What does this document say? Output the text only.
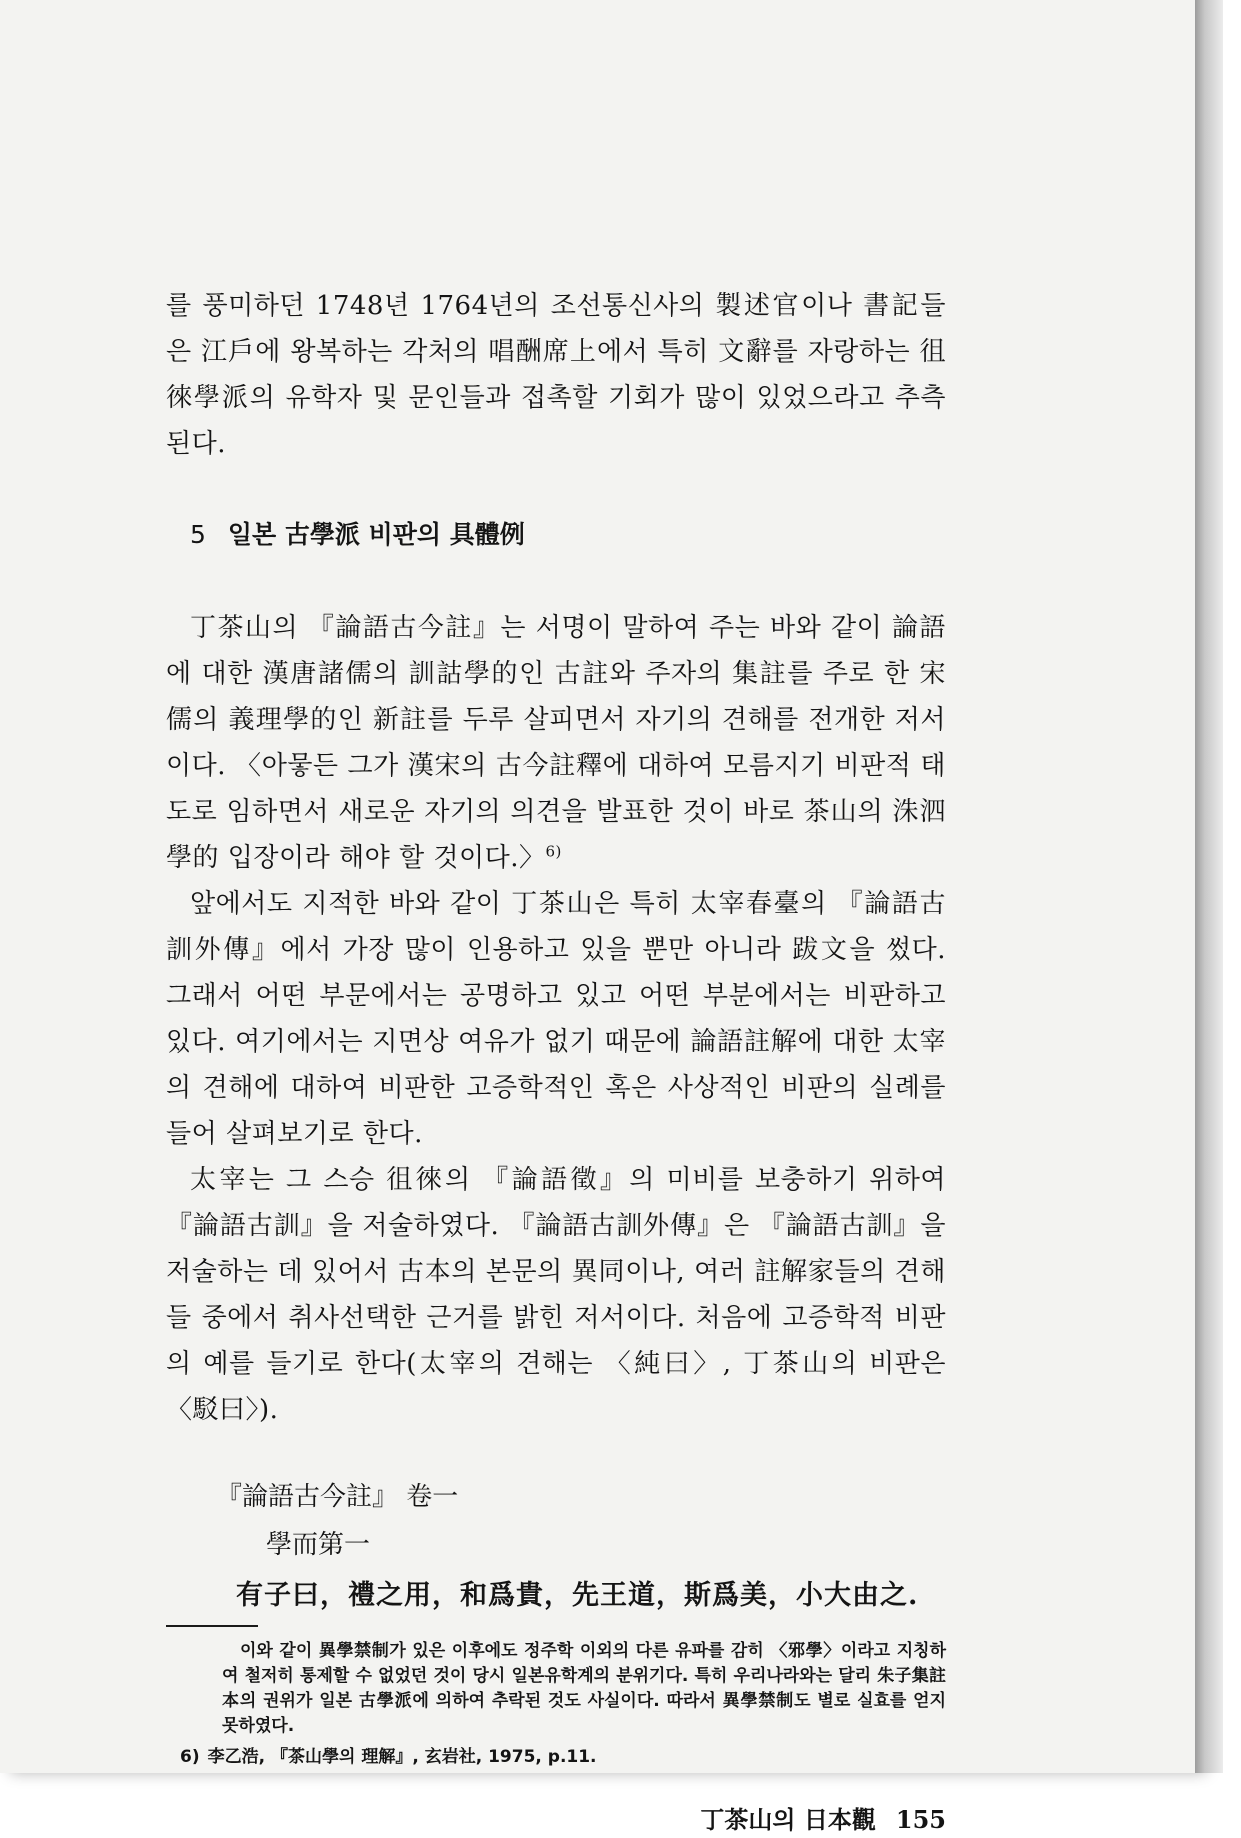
를 풍미하던 1748년 1764년의 조선통신사의 製述官이나 書記들은 江戶에 왕복하는 각처의 唱酬席上에서 특히 文辭를 자랑하는 徂徠學派의 유학자 및 문인들과 접촉할 기회가 많이 있었으라고 추측된다.

5 일본 古學派 비판의 具體例

丁茶山의 『論語古今註』는 서명이 말하여 주는 바와 같이 論語에 대한 漢唐諸儒의 訓詁學的인 古註와 주자의 集註를 주로 한 宋儒의 義理學的인 新註를 두루 살피면서 자기의 견해를 전개한 저서이다. 〈아뭏든 그가 漢宋의 古今註釋에 대하여 모름지기 비판적 태도로 임하면서 새로운 자기의 의견을 발표한 것이 바로 茶山의 洙泗學的 입장이라 해야 할 것이다.〉$^{6)}$

앞에서도 지적한 바와 같이 丁茶山은 특히 太宰春臺의 『論語古訓外傳』에서 가장 많이 인용하고 있을 뿐만 아니라 跋文을 썼다. 그래서 어떤 부문에서는 공명하고 있고 어떤 부분에서는 비판하고 있다. 여기에서는 지면상 여유가 없기 때문에 論語註解에 대한 太宰의 견해에 대하여 비판한 고증학적인 혹은 사상적인 비판의 실례를 들어 살펴보기로 한다.

太宰는 그 스승 徂徠의 『論語徵』의 미비를 보충하기 위하여 『論語古訓』을 저술하였다. 『論語古訓外傳』은 『論語古訓』을 저술하는 데 있어서 古本의 본문의 異同이나, 여러 註解家들의 견해들 중에서 취사선택한 근거를 밝힌 저서이다. 처음에 고증학적 비판의 예를 들기로 한다(太宰의 견해는 〈純曰〉, 丁茶山의 비판은 〈駁曰〉).

『論語古今註』 卷一
學而第一
有子曰，禮之用，和爲貴，先王道，斯爲美，小大由之.

이와 같이 異學禁制가 있은 이후에도 정주학 이외의 다른 유파를 감히 〈邪學〉이라고 지칭하여 철저히 통제할 수 없었던 것이 당시 일본유학계의 분위기다. 특히 우리나라와는 달리 朱子集註本의 권위가 일본 古學派에 의하여 추락된 것도 사실이다. 따라서 異學禁制도 별로 실효를 얻지 못하였다.

6) 李乙浩, 『茶山學의 理解』, 玄岩社, 1975, p.11.
丁茶山의 日本觀 155
